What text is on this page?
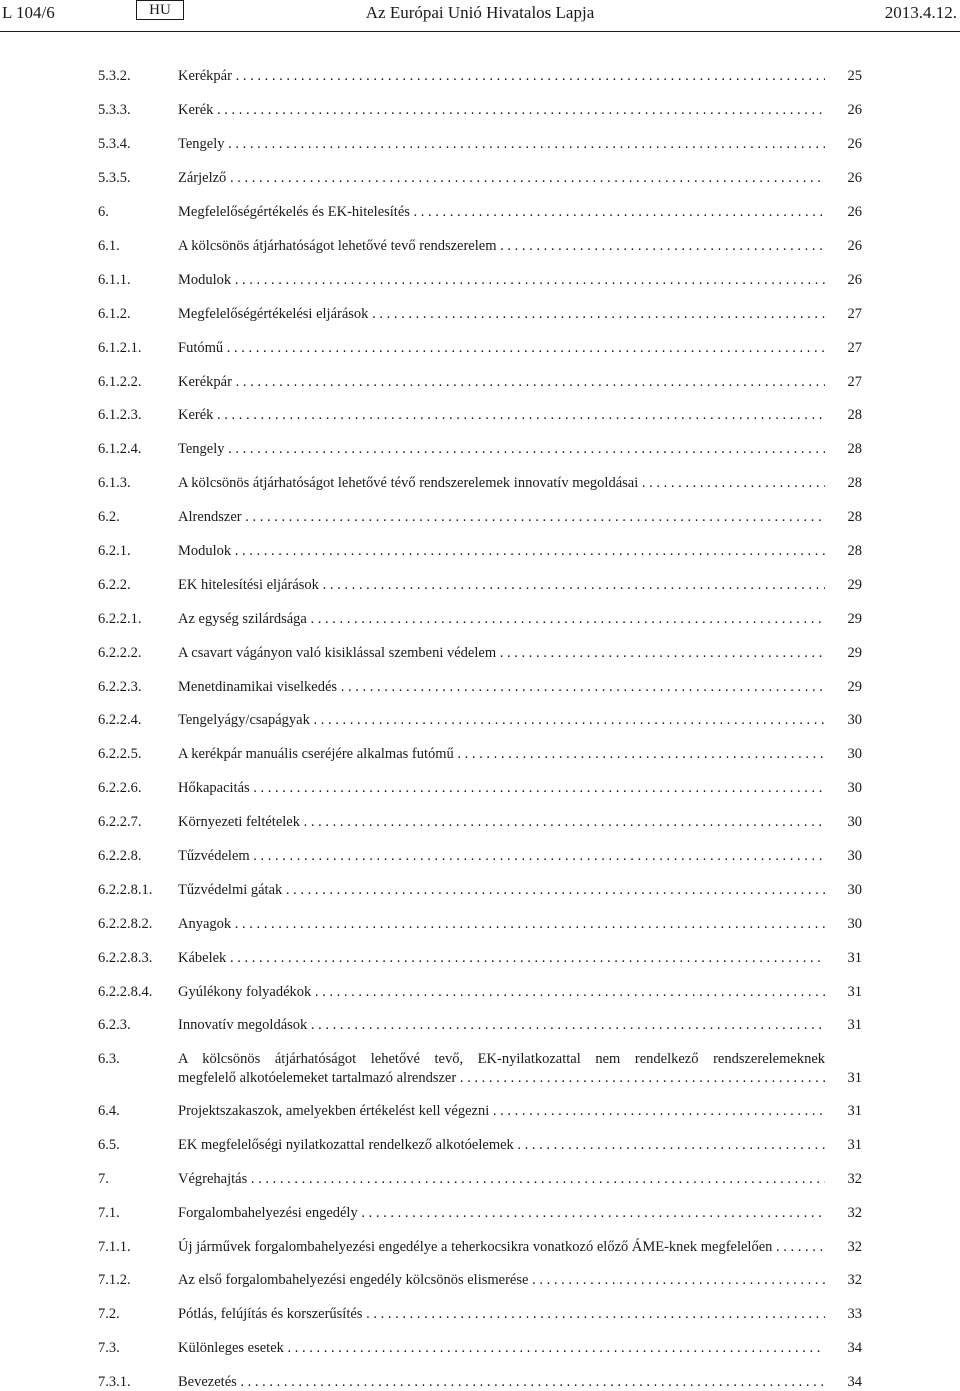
L 104/6	HU	Az Európai Unió Hivatalos Lapja	2013.4.12.
5.3.2.	Kerékpár . . .	25
5.3.3.	Kerék . . .	26
5.3.4.	Tengely . . .	26
5.3.5.	Zárjelző . . .	26
6.	Megfelelőségértékelés és EK-hitelesítés . . .	26
6.1.	A kölcsönös átjárhatóságot lehetővé tevő rendszerelem . . .	26
6.1.1.	Modulok . . .	26
6.1.2.	Megfelelőségértékelési eljárások . . .	27
6.1.2.1.	Futómű . . .	27
6.1.2.2.	Kerékpár . . .	27
6.1.2.3.	Kerék . . .	28
6.1.2.4.	Tengely . . .	28
6.1.3.	A kölcsönös átjárhatóságot lehetővé tévő rendszerelemek innovatív megoldásai . . .	28
6.2.	Alrendszer . . .	28
6.2.1.	Modulok . . .	28
6.2.2.	EK hitelesítési eljárások . . .	29
6.2.2.1.	Az egység szilárdsága . . .	29
6.2.2.2.	A csavart vágányon való kisiklással szembeni védelem . . .	29
6.2.2.3.	Menetdinamikai viselkedés . . .	29
6.2.2.4.	Tengelyágy/csapágyak . . .	30
6.2.2.5.	A kerékpár manuális cseréjére alkalmas futómű . . .	30
6.2.2.6.	Hőkapacitás . . .	30
6.2.2.7.	Környezeti feltételek . . .	30
6.2.2.8.	Tűzvédelem . . .	30
6.2.2.8.1. Tűzvédelmi gátak . . .	30
6.2.2.8.2. Anyagok . . .	30
6.2.2.8.3. Kábelek . . .	31
6.2.2.8.4. Gyúlékony folyadékok . . .	31
6.2.3.	Innovatív megoldások . . .	31
6.3.	A kölcsönös átjárhatóságot lehetővé tevő, EK-nyilatkozattal nem rendelkező rendszerelemeknek
megfelelő alkotóelemeket tartalmazó alrendszer . . .	31
6.4.	Projektszakaszok, amelyekben értékelést kell végezni . . .	31
6.5.	EK megfelelőségi nyilatkozattal rendelkező alkotóelemek . . .	31
7.	Végrehajtás . . .	32
7.1.	Forgalombahelyezési engedély . . .	32
7.1.1.	Új járművek forgalombahelyezési engedélye a teherkocsikra vonatkozó előző ÁME-knek megfelelően . . .	32
7.1.2.	Az első forgalombahelyezési engedély kölcsönös elismerése . . .	32
7.2.	Pótlás, felújítás és korszerűsítés . . .	33
7.3.	Különleges esetek . . .	34
7.3.1.	Bevezetés . . .	34
